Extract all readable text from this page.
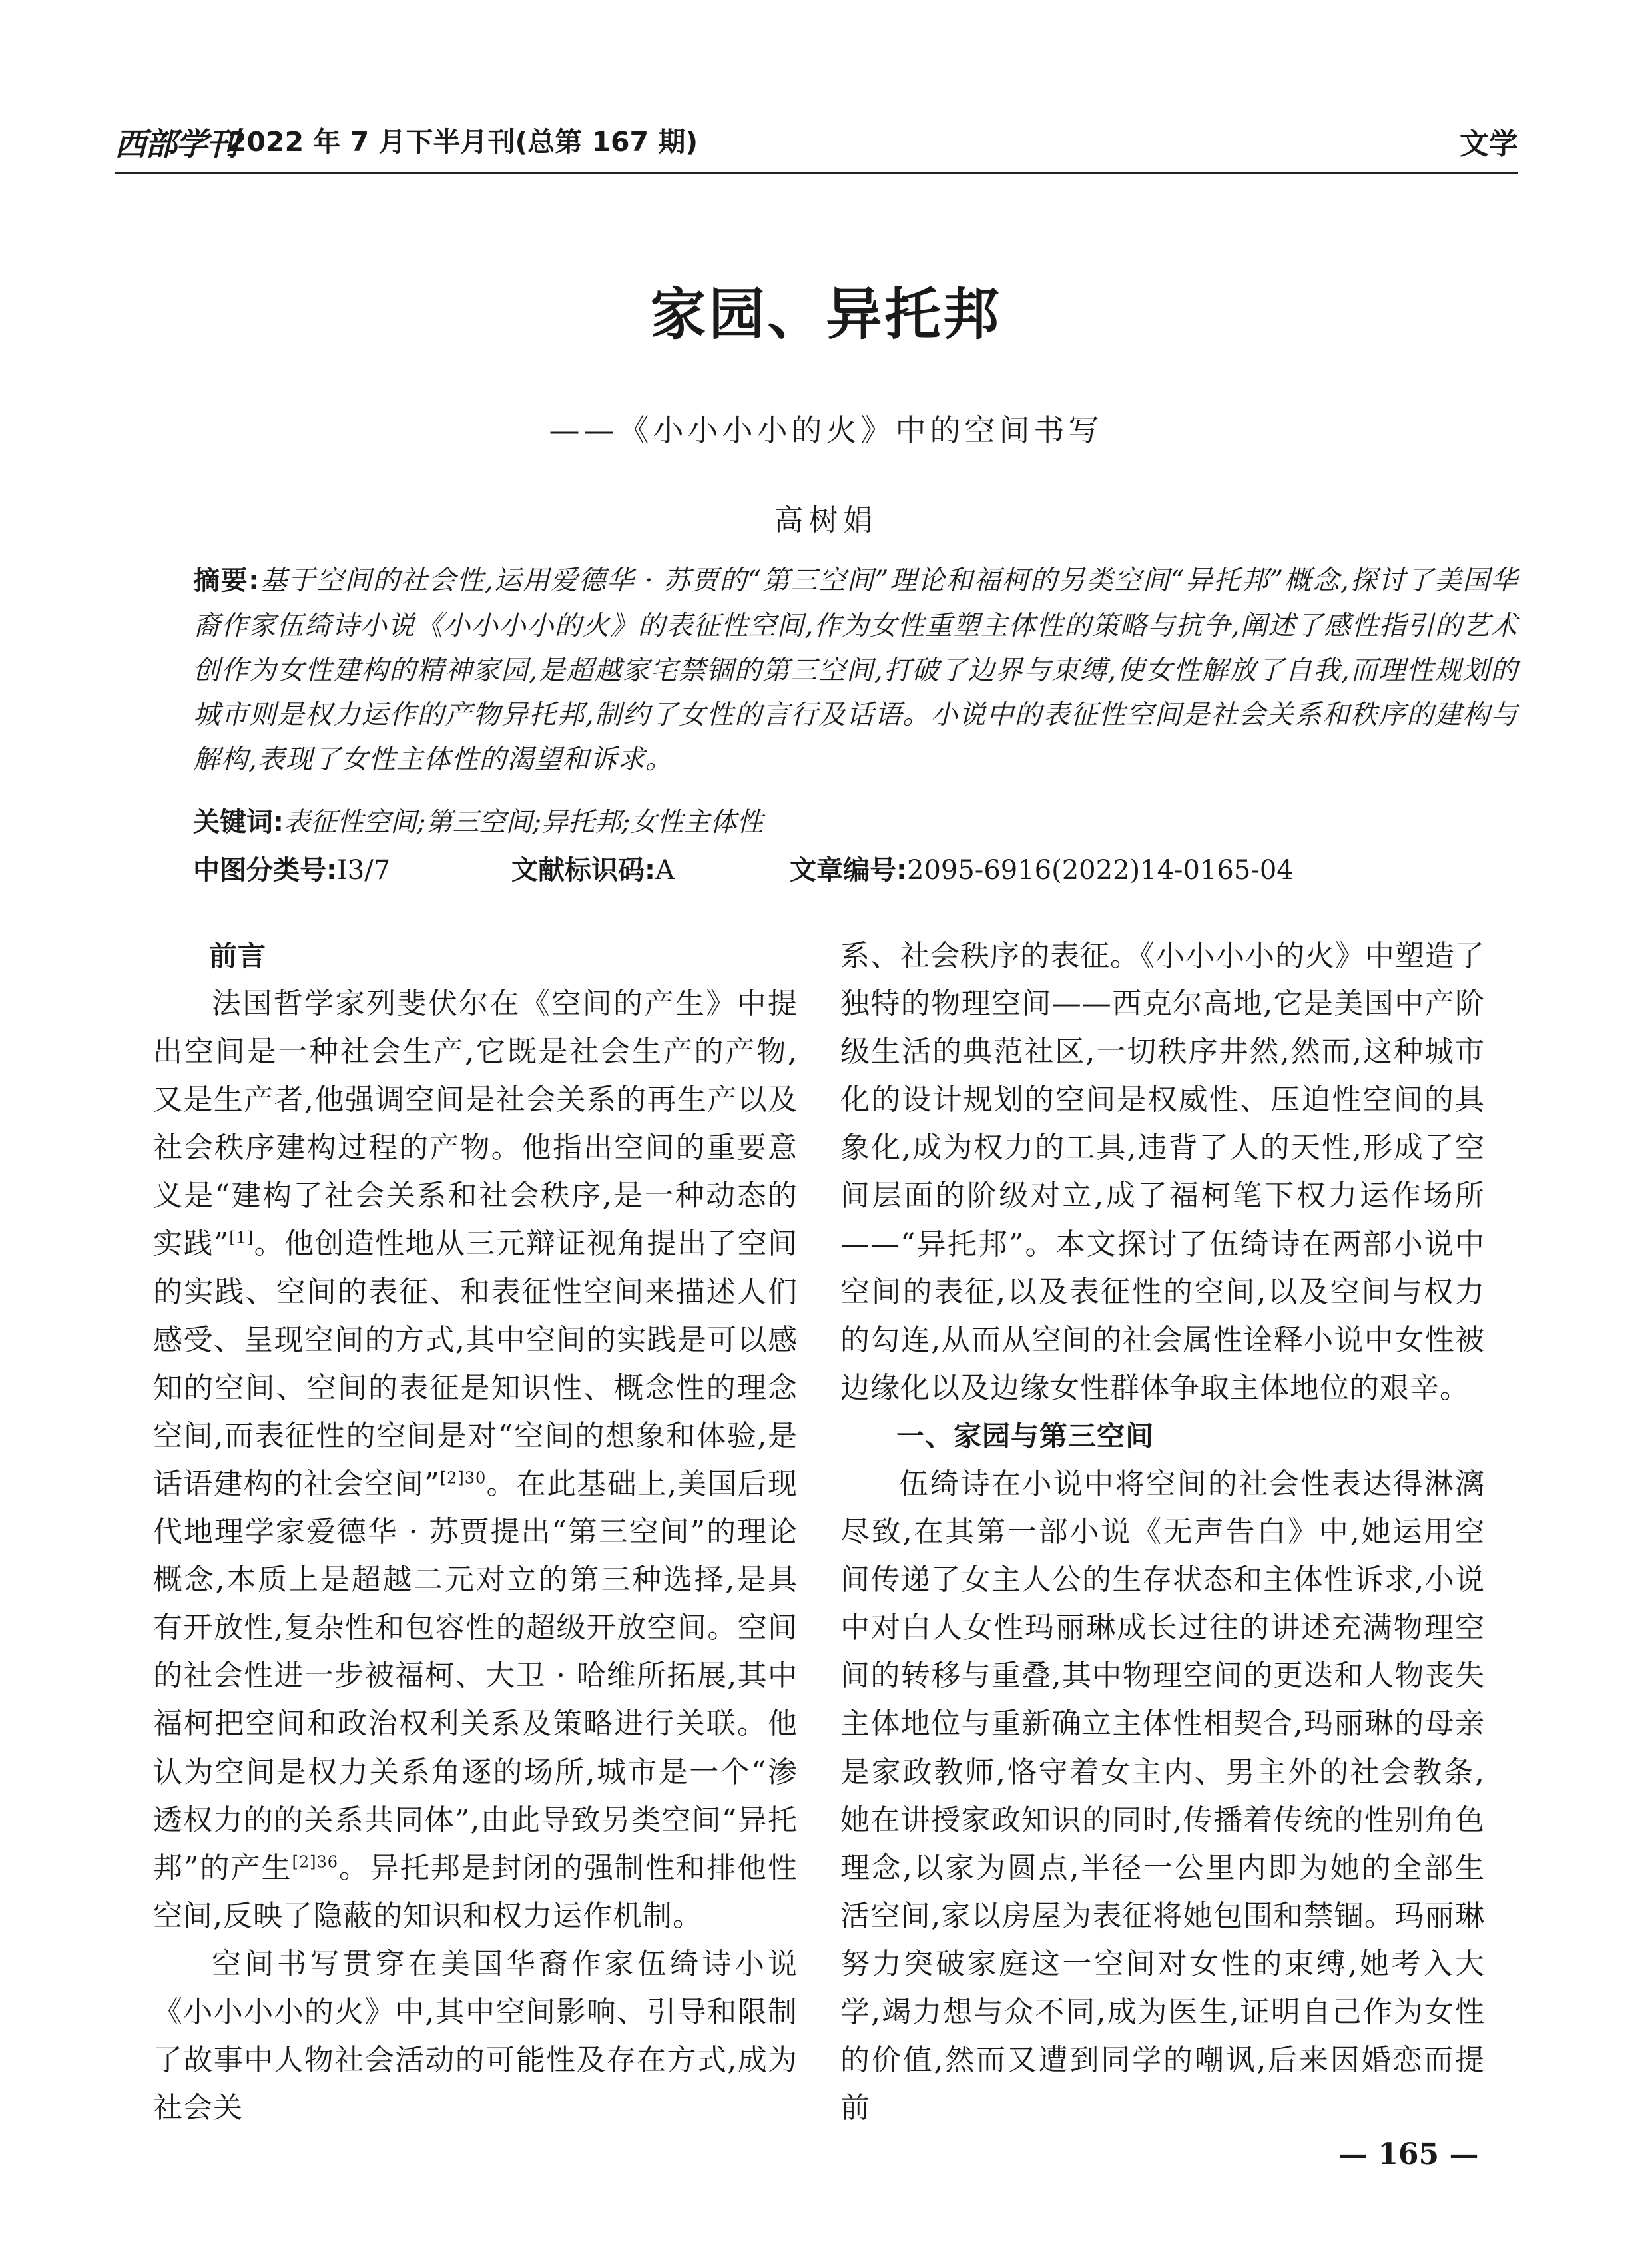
西部学刊
2022 年 7 月下半月刊(总第 167 期)	文学
家园、异托邦
——《小小小小的火》中的空间书写
高树娟
摘要:基于空间的社会性,运用爱德华 · 苏贾的“第三空间”理论和福柯的另类空间“异托邦”概念,探讨了美国华裔作家伍绮诗小说《小小小小的火》的表征性空间,作为女性重塑主体性的策略与抗争,阐述了感性指引的艺术创作为女性建构的精神家园,是超越家宅禁锢的第三空间,打破了边界与束缚,使女性解放了自我,而理性规划的城市则是权力运作的产物异托邦,制约了女性的言行及话语。小说中的表征性空间是社会关系和秩序的建构与解构,表现了女性主体性的渴望和诉求。
关键词:表征性空间;第三空间;异托邦;女性主体性
中图分类号:I3/7	文献标识码:A	文章编号:2095-6916(2022)14-0165-04
前言

法国哲学家列斐伏尔在《空间的产生》中提出空间是一种社会生产,它既是社会生产的产物,又是生产者,他强调空间是社会关系的再生产以及社会秩序建构过程的产物。他指出空间的重要意义是“建构了社会关系和社会秩序,是一种动态的实践”[1]。他创造性地从三元辩证视角提出了空间的实践、空间的表征、和表征性空间来描述人们感受、呈现空间的方式,其中空间的实践是可以感知的空间、空间的表征是知识性、概念性的理念空间,而表征性的空间是对“空间的想象和体验,是话语建构的社会空间”$^{[2]30}$。在此基础上,美国后现代地理学家爱德华 · 苏贾提出“第三空间”的理论概念,本质上是超越二元对立的第三种选择,是具有开放性,复杂性和包容性的超级开放空间。空间的社会性进一步被福柯、大卫 · 哈维所拓展,其中福柯把空间和政治权利关系及策略进行关联。他认为空间是权力关系角逐的场所,城市是一个“渗透权力的的关系共同体”,由此导致另类空间“异托邦”的产生$^{[2]36}$。异托邦是封闭的强制性和排他性空间,反映了隐蔽的知识和权力运作机制。

空间书写贯穿在美国华裔作家伍绮诗小说《小小小小的火》中,其中空间影响、引导和限制了故事中人物社会活动的可能性及存在方式,成为社会关

系、社会秩序的表征。《小小小小的火》中塑造了独特的物理空间——西克尔高地,它是美国中产阶级生活的典范社区,一切秩序井然,然而,这种城市化的设计规划的空间是权威性、压迫性空间的具象化,成为权力的工具,违背了人的天性,形成了空间层面的阶级对立,成了福柯笔下权力运作场所——“异托邦”。本文探讨了伍绮诗在两部小说中空间的表征,以及表征性的空间,以及空间与权力的勾连,从而从空间的社会属性诠释小说中女性被边缘化以及边缘女性群体争取主体地位的艰辛。

一、家园与第三空间

伍绮诗在小说中将空间的社会性表达得淋漓尽致,在其第一部小说《无声告白》中,她运用空间传递了女主人公的生存状态和主体性诉求,小说中对白人女性玛丽琳成长过往的讲述充满物理空间的转移与重叠,其中物理空间的更迭和人物丧失主体地位与重新确立主体性相契合,玛丽琳的母亲是家政教师,恪守着女主内、男主外的社会教条,她在讲授家政知识的同时,传播着传统的性别角色理念,以家为圆点,半径一公里内即为她的全部生活空间,家以房屋为表征将她包围和禁锢。玛丽琳努力突破家庭这一空间对女性的束缚,她考入大学,竭力想与众不同,成为医生,证明自己作为女性的价值,然而又遭到同学的嘲讽,后来因婚恋而提前

— 165 —
